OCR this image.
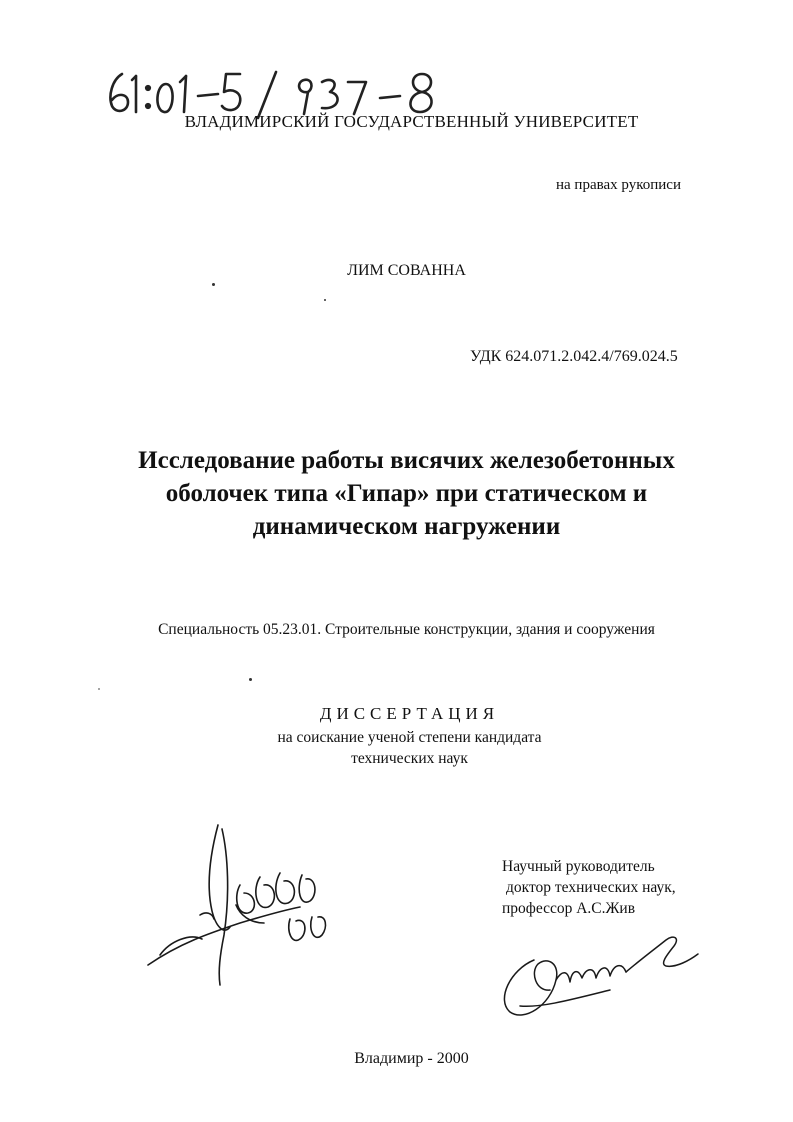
ВЛАДИМИРСКИЙ ГОСУДАРСТВЕННЫЙ УНИВЕРСИТЕТ
на правах рукописи
ЛИМ СОВАННА
УДК 624.071.2.042.4/769.024.5
Исследование работы висячих железобетонных
оболочек типа «Гипар» при статическом и
динамическом нагружении
Специальность 05.23.01. Строительные конструкции, здания и сооружения
ДИССЕРТАЦИЯ
на соискание ученой степени кандидата
технических наук
Научный руководитель
доктор технических наук,
профессор А.С.Жив
Владимир - 2000
